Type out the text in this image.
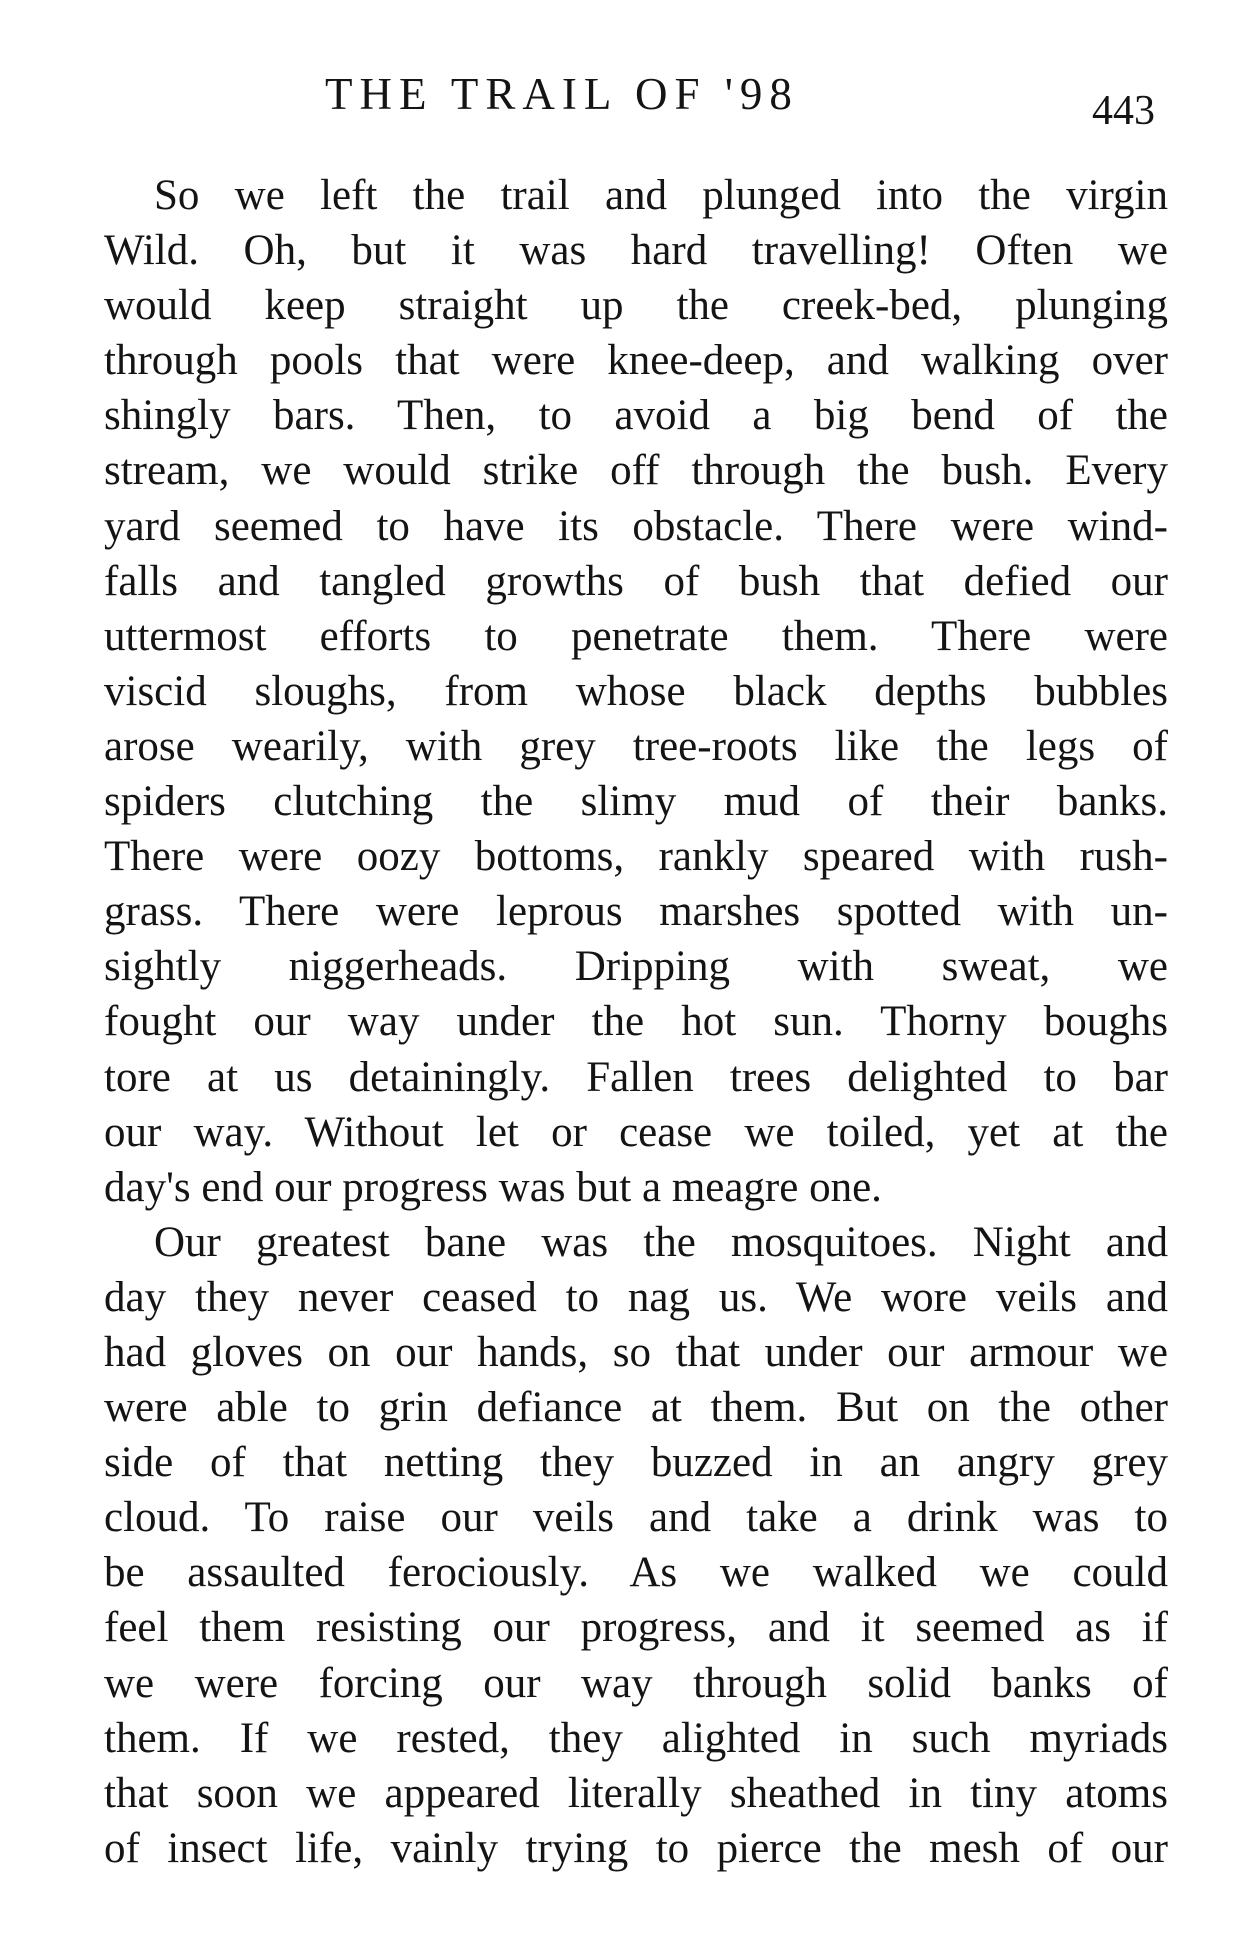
THE TRAIL OF '98	443
So we left the trail and plunged into the virgin
Wild. Oh, but it was hard travelling! Often we
would keep straight up the creek-bed, plunging
through pools that were knee-deep, and walking over
shingly bars. Then, to avoid a big bend of the
stream, we would strike off through the bush. Every
yard seemed to have its obstacle. There were wind-
falls and tangled growths of bush that defied our
uttermost efforts to penetrate them. There were
viscid sloughs, from whose black depths bubbles
arose wearily, with grey tree-roots like the legs of
spiders clutching the slimy mud of their banks.
There were oozy bottoms, rankly speared with rush-
grass. There were leprous marshes spotted with un-
sightly niggerheads. Dripping with sweat, we
fought our way under the hot sun. Thorny boughs
tore at us detainingly. Fallen trees delighted to bar
our way. Without let or cease we toiled, yet at the
day's end our progress was but a meagre one.
Our greatest bane was the mosquitoes. Night and
day they never ceased to nag us. We wore veils and
had gloves on our hands, so that under our armour we
were able to grin defiance at them. But on the other
side of that netting they buzzed in an angry grey
cloud. To raise our veils and take a drink was to
be assaulted ferociously. As we walked we could
feel them resisting our progress, and it seemed as if
we were forcing our way through solid banks of
them. If we rested, they alighted in such myriads
that soon we appeared literally sheathed in tiny atoms
of insect life, vainly trying to pierce the mesh of our
